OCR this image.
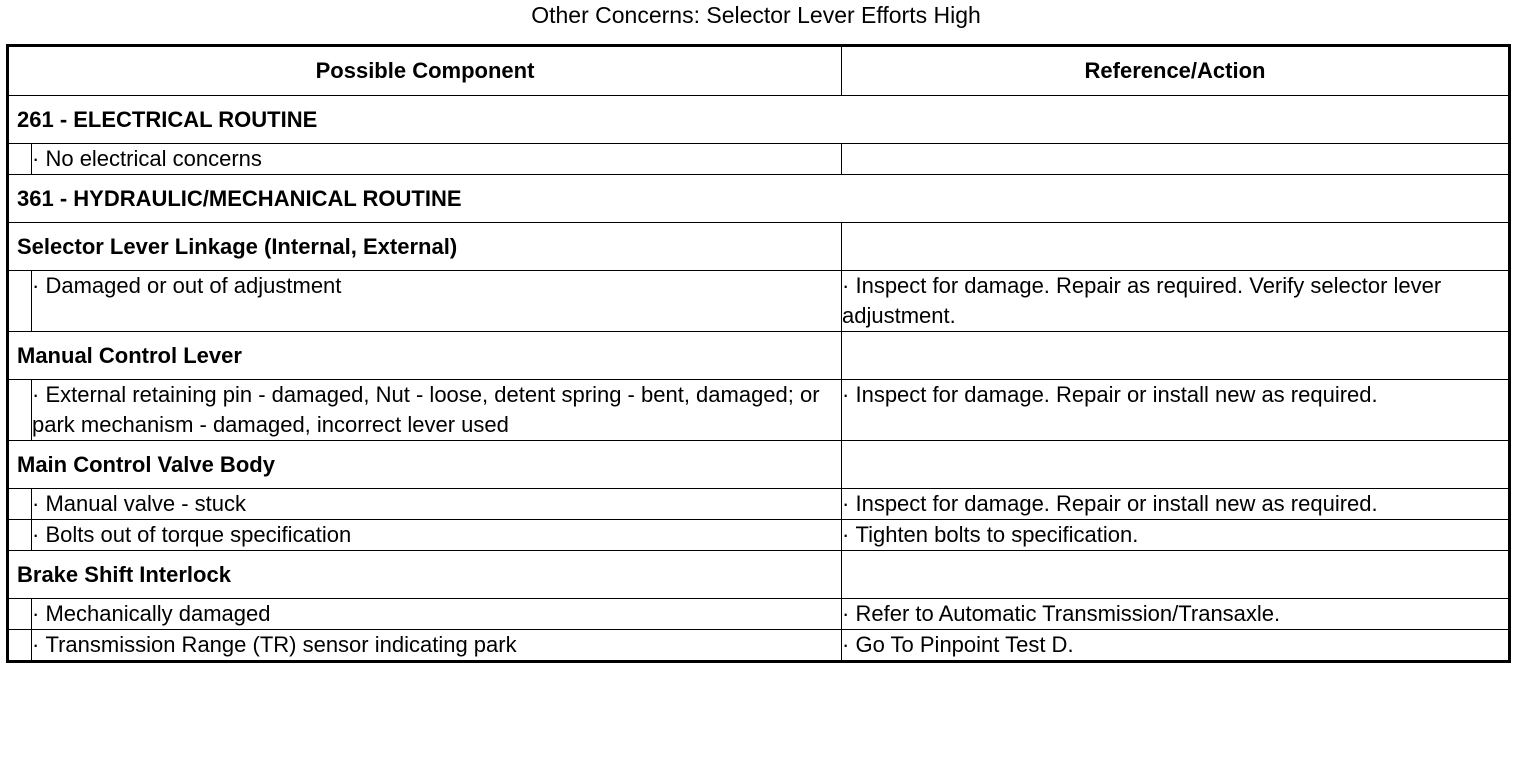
Other Concerns: Selector Lever Efforts High
Possible Component		Reference/Action
261 - ELECTRICAL ROUTINE		
	· No electrical concerns	
361 - HYDRAULIC/MECHANICAL ROUTINE		
Selector Lever Linkage (Internal, External)		
	· Damaged or out of adjustment	· Inspect for damage. Repair as required. Verify selector lever adjustment.
Manual Control Lever		
	· External retaining pin - damaged, Nut - loose, detent spring - bent, damaged; or park mechanism - damaged, incorrect lever used	· Inspect for damage. Repair or install new as required.
Main Control Valve Body		
	· Manual valve - stuck	· Inspect for damage. Repair or install new as required.
	· Bolts out of torque specification	· Tighten bolts to specification.
Brake Shift Interlock		
	· Mechanically damaged	· Refer to Automatic Transmission/Transaxle.
	· Transmission Range (TR) sensor indicating park	· Go To Pinpoint Test D.
